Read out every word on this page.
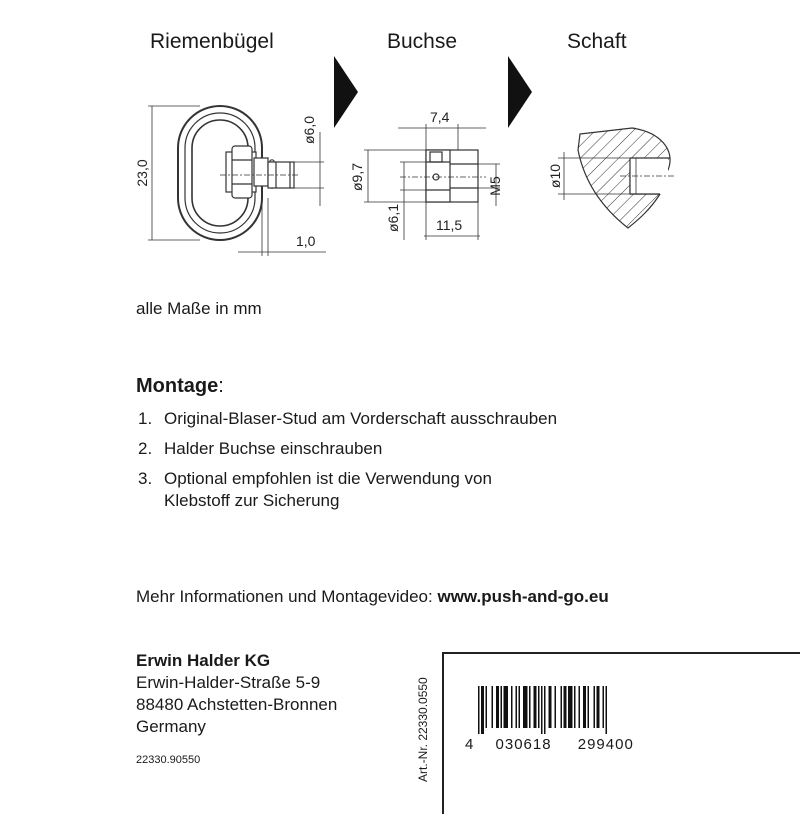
Riemenbügel	Buchse	Schaft
23,0
ø6,0
1,0
7,4
ø9,7
ø6,1	11,5
M5	ø10
alle Maße in mm
Montage:
1. Original-Blaser-Stud am Vorderschaft ausschrauben
2. Halder Buchse einschrauben
3. Optional empfohlen ist die Verwendung von Klebstoff zur Sicherung
Mehr Informationen und Montagevideo: www.push-and-go.eu
Erwin Halder KG
Erwin-Halder-Straße 5-9
88480 Achstetten-Bronnen
Germany
22330.90550	Art.-Nr. 22330.0550 4 030618 299400
